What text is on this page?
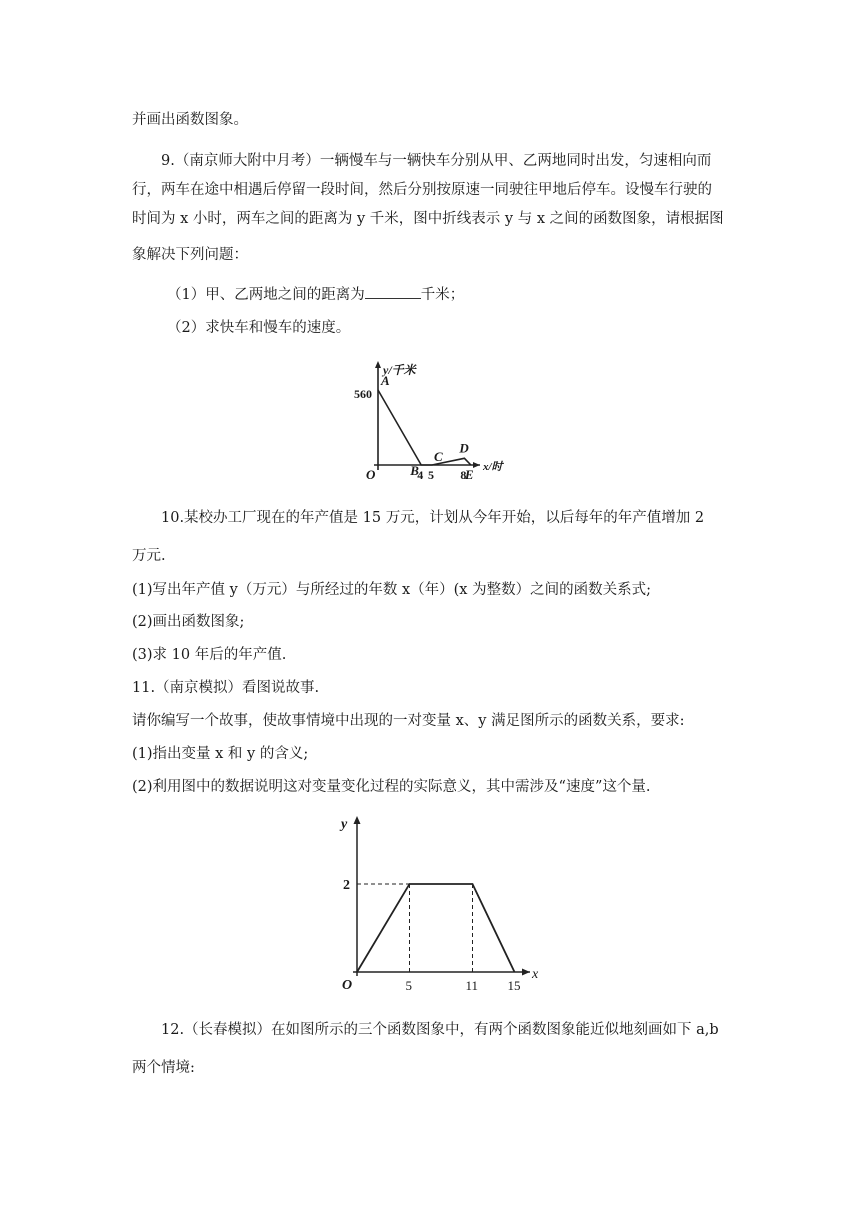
并画出函数图象。
9.（南京师大附中月考）一辆慢车与一辆快车分别从甲、乙两地同时出发，匀速相向而
行，两车在途中相遇后停留一段时间，然后分别按原速一同驶往甲地后停车。设慢车行驶的
时间为 x 小时，两车之间的距离为 y 千米，图中折线表示 y 与 x 之间的函数图象，请根据图
象解决下列问题：
（1）甲、乙两地之间的距离为	千米；
（2）求快车和慢车的速度。
A
B
C
D
E
y/千米
x/时
O
560
4 5 8
10.某校办工厂现在的年产值是 15 万元，计划从今年开始，以后每年的年产值增加 2
万元.
(1)写出年产值 y（万元）与所经过的年数 x（年）(x 为整数）之间的函数关系式;
(2)画出函数图象;
(3)求 10 年后的年产值.
11.（南京模拟）看图说故事.
请你编写一个故事，使故事情境中出现的一对变量 x、y 满足图所示的函数关系，要求:
(1)指出变量 x 和 y 的含义;
(2)利用图中的数据说明这对变量变化过程的实际意义，其中需涉及“速度”这个量.
y
x
O
2
5	11 15
12.（长春模拟）在如图所示的三个函数图象中，有两个函数图象能近似地刻画如下 a,b
两个情境:
